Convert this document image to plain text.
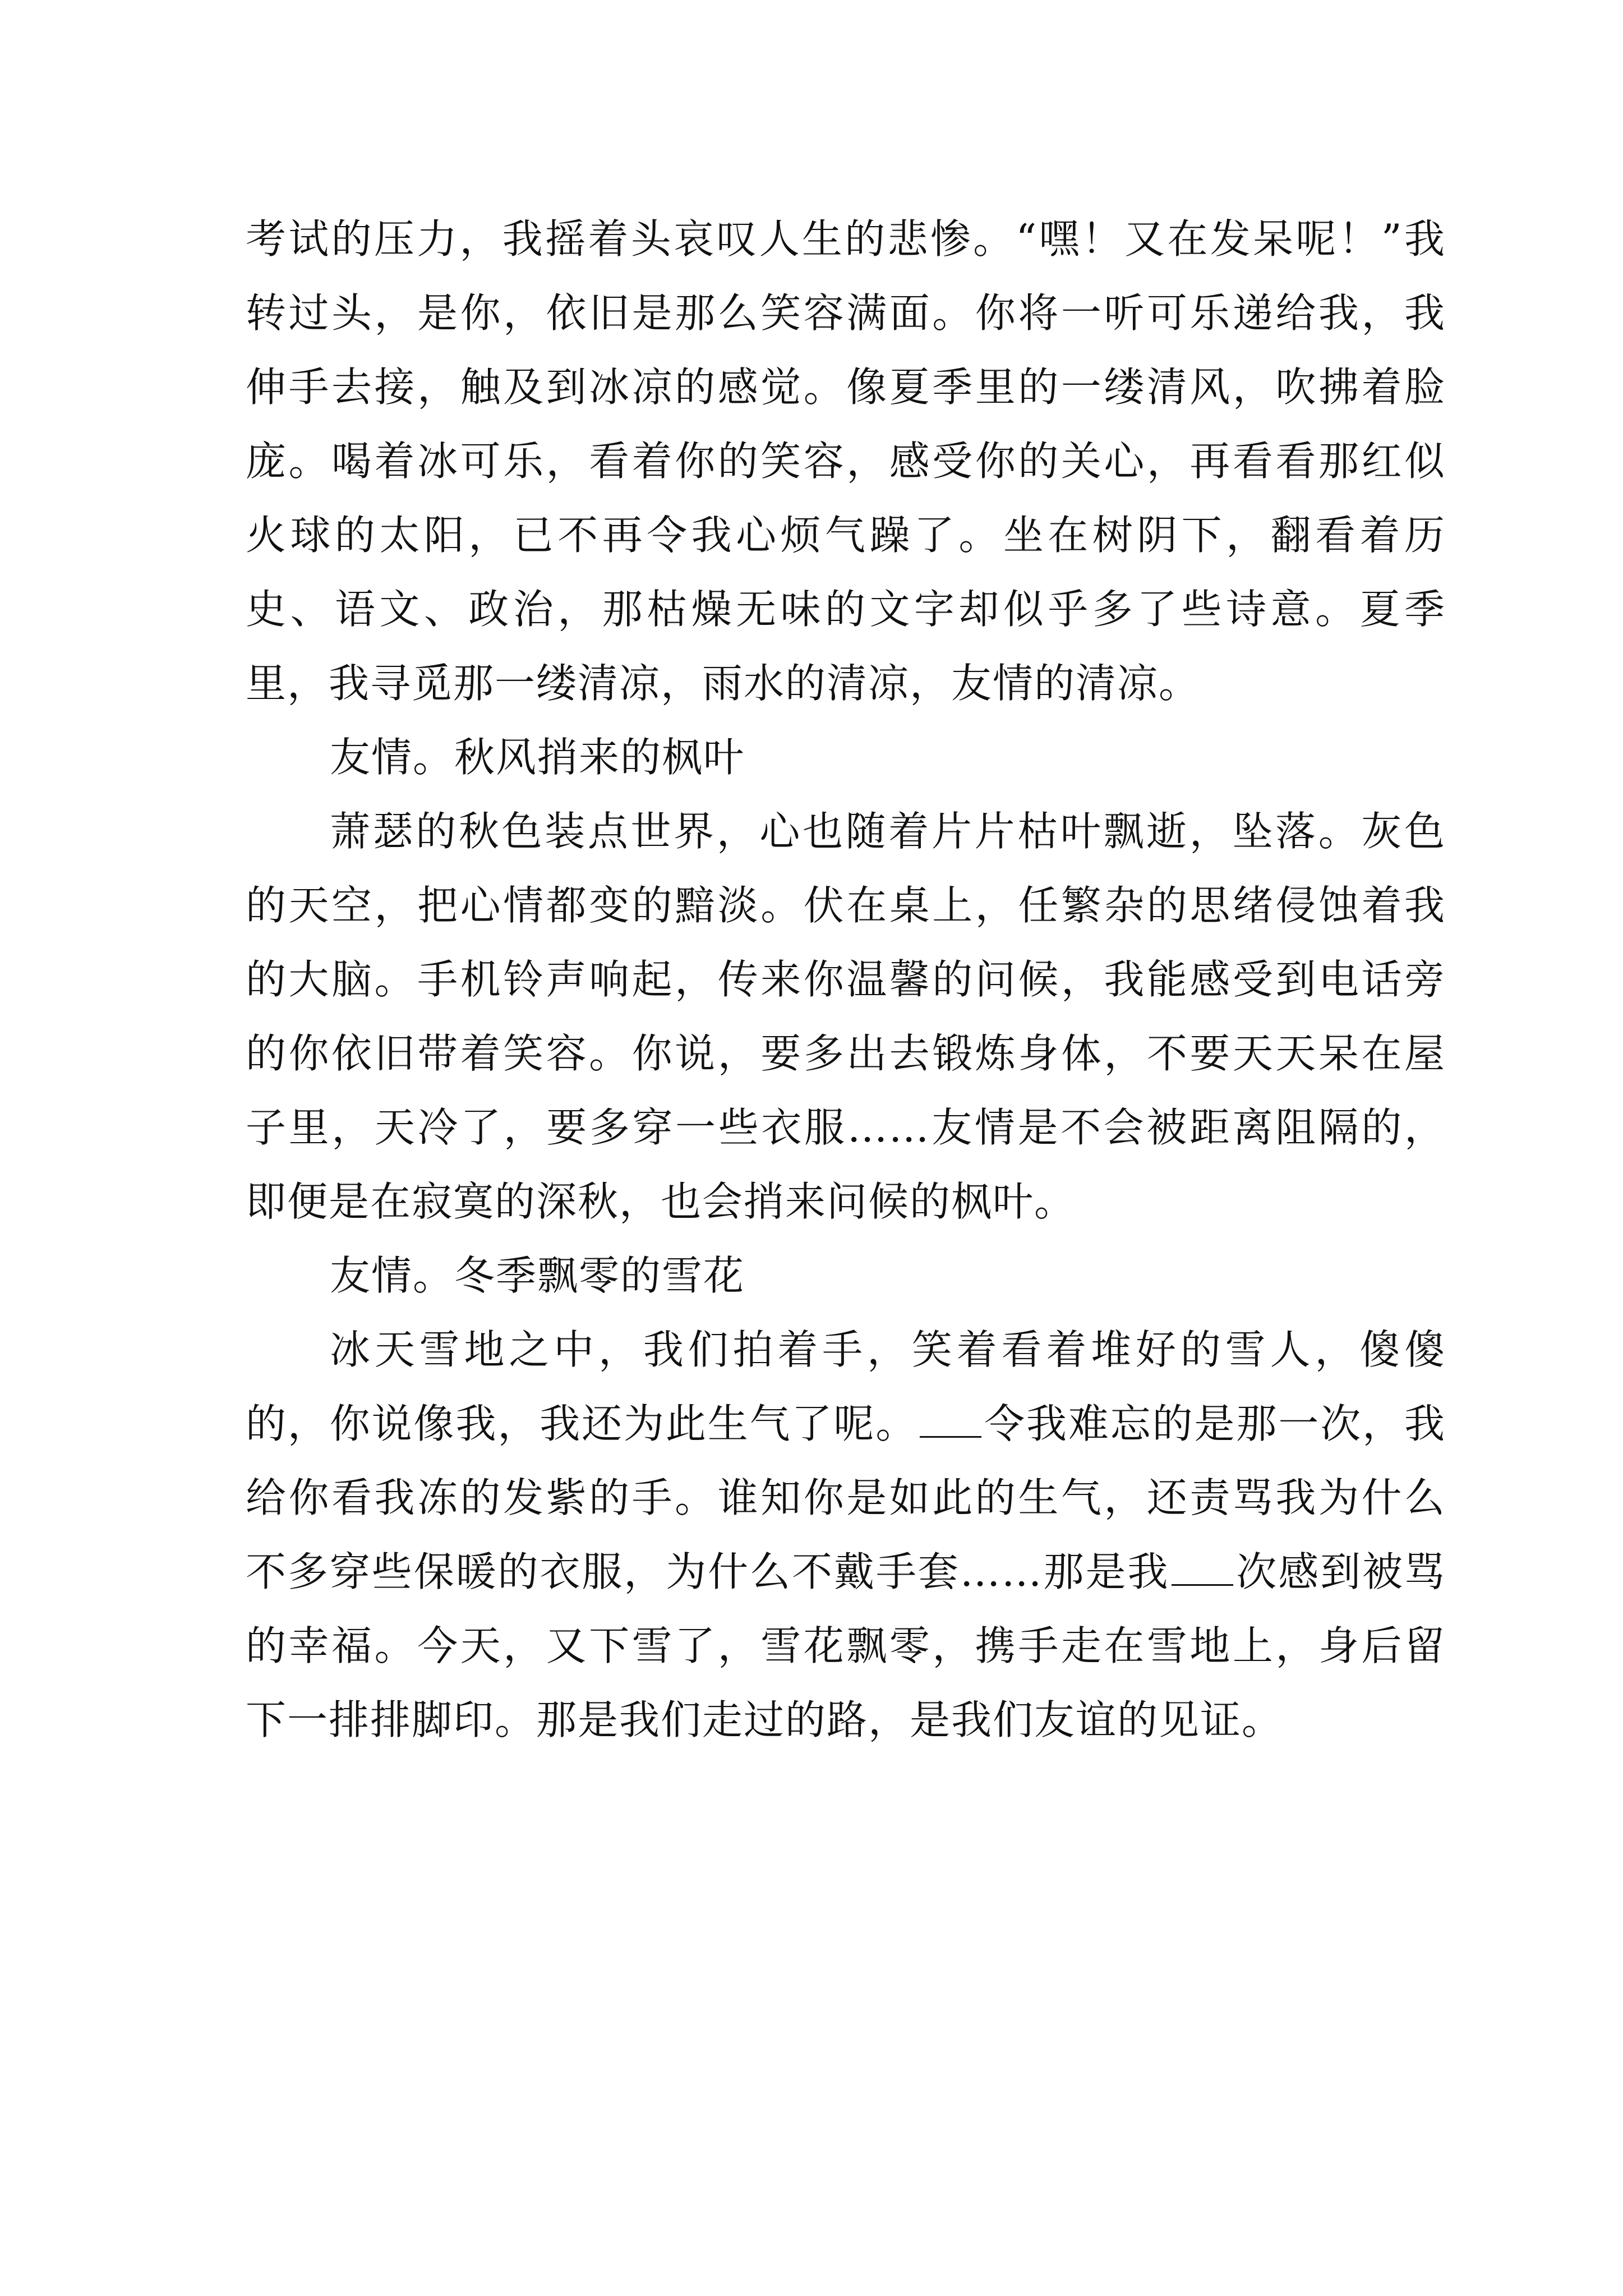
考试的压力，我摇着头哀叹人生的悲惨。“嘿！又在发呆呢！”我转过头，是你，依旧是那么笑容满面。你将一听可乐递给我，我伸手去接，触及到冰凉的感觉。像夏季里的一缕清风，吹拂着脸庞。喝着冰可乐，看着你的笑容，感受你的关心，再看看那红似火球的太阳，已不再令我心烦气躁了。坐在树阴下，翻看着历史、语文、政治，那枯燥无味的文字却似乎多了些诗意。夏季里，我寻觅那一缕清凉，雨水的清凉，友情的清凉。

友情。秋风捎来的枫叶

萧瑟的秋色装点世界，心也随着片片枯叶飘逝，坠落。灰色的天空，把心情都变的黯淡。伏在桌上，任繁杂的思绪侵蚀着我的大脑。手机铃声响起，传来你温馨的问候，我能感受到电话旁的你依旧带着笑容。你说，要多出去锻炼身体，不要天天呆在屋子里，天冷了，要多穿一些衣服……友情是不会被距离阻隔的，即便是在寂寞的深秋，也会捎来问候的枫叶。

友情。冬季飘零的雪花

冰天雪地之中，我们拍着手，笑着看着堆好的雪人，傻傻的，你说像我，我还为此生气了呢。 令我难忘的是那一次，我给你看我冻的发紫的手。谁知你是如此的生气，还责骂我为什么不多穿些保暖的衣服，为什么不戴手套……那是我 次感到被骂的幸福。今天，又下雪了，雪花飘零，携手走在雪地上，身后留下一排排脚印。那是我们走过的路，是我们友谊的见证。
